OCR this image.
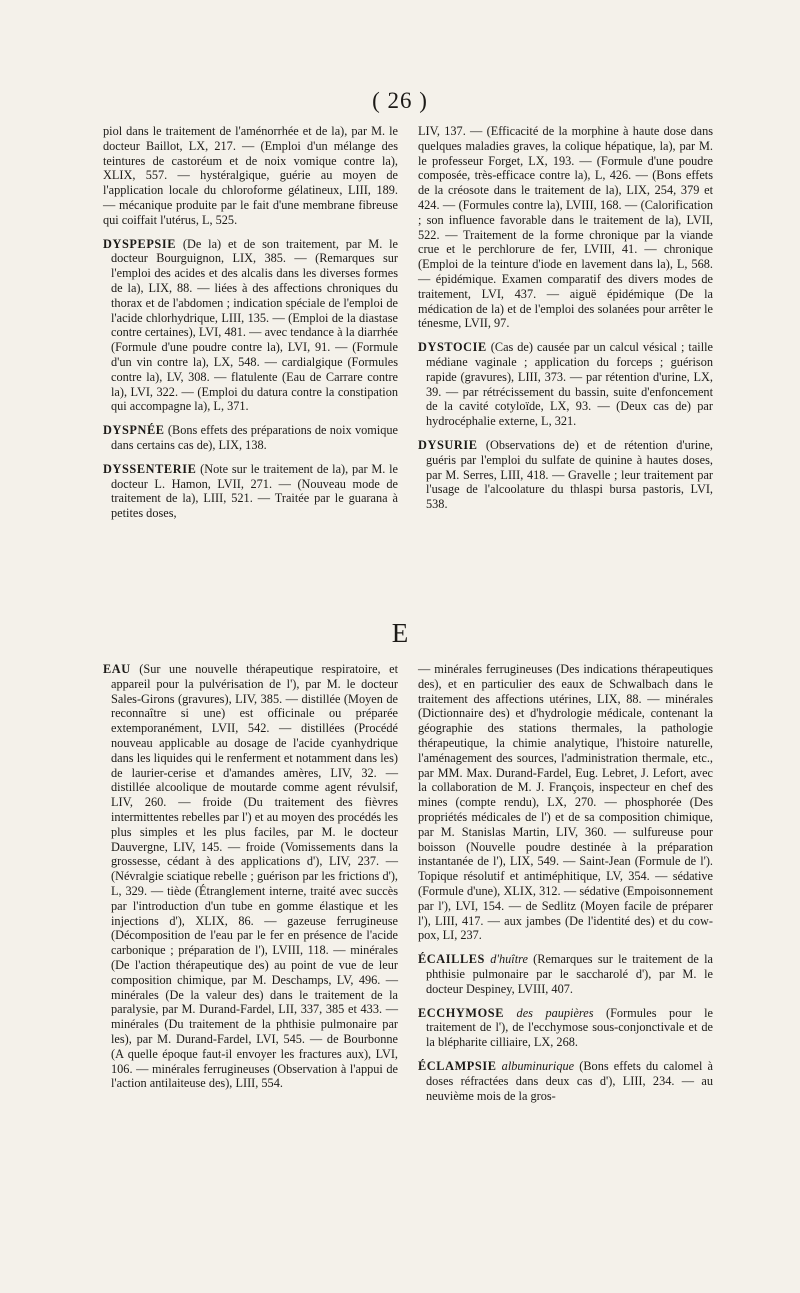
( 26 )

piol dans le traitement de l'aménorrhée et de la), par M. le docteur Baillot, LX, 217. — (Emploi d'un mélange des teintures de castoréum et de noix vomique contre la), XLIX, 557. — hystéralgique, guérie au moyen de l'application locale du chloroforme gélatineux, LIII, 189. — mécanique produite par le fait d'une membrane fibreuse qui coiffait l'utérus, L, 525.

DYSPEPSIE (De la) et de son traitement, par M. le docteur Bourguignon, LIX, 385. — (Remarques sur l'emploi des acides et des alcalis dans les diverses formes de la), LIX, 88. — liées à des affections chroniques du thorax et de l'abdomen ; indication spéciale de l'emploi de l'acide chlorhydrique, LIII, 135. — (Emploi de la diastase contre certaines), LVI, 481. — avec tendance à la diarrhée (Formule d'une poudre contre la), LVI, 91. — (Formule d'un vin contre la), LX, 548. — cardialgique (Formules contre la), LV, 308. — flatulente (Eau de Carrare contre la), LVI, 322. — (Emploi du datura contre la constipation qui accompagne la), L, 371.

DYSPNÉE (Bons effets des préparations de noix vomique dans certains cas de), LIX, 138.

DYSSENTERIE (Note sur le traitement de la), par M. le docteur L. Hamon, LVII, 271. — (Nouveau mode de traitement de la), LIII, 521. — Traitée par le guarana à petites doses,

LIV, 137. — (Efficacité de la morphine à haute dose dans quelques maladies graves, la colique hépatique, la), par M. le professeur Forget, LX, 193. — (Formule d'une poudre composée, très-efficace contre la), L, 426. — (Bons effets de la créosote dans le traitement de la), LIX, 254, 379 et 424. — (Formules contre la), LVIII, 168. — (Calorification ; son influence favorable dans le traitement de la), LVII, 522. — Traitement de la forme chronique par la viande crue et le perchlorure de fer, LVIII, 41. — chronique (Emploi de la teinture d'iode en lavement dans la), L, 568. — épidémique. Examen comparatif des divers modes de traitement, LVI, 437. — aiguë épidémique (De la médication de la) et de l'emploi des solanées pour arrêter le ténesme, LVII, 97.

DYSTOCIE (Cas de) causée par un calcul vésical ; taille médiane vaginale ; application du forceps ; guérison rapide (gravures), LIII, 373. — par rétention d'urine, LX, 39. — par rétrécissement du bassin, suite d'enfoncement de la cavité cotyloïde, LX, 93. — (Deux cas de) par hydrocéphalie externe, L, 321.

DYSURIE (Observations de) et de rétention d'urine, guéris par l'emploi du sulfate de quinine à hautes doses, par M. Serres, LIII, 418. — Gravelle ; leur traitement par l'usage de l'alcoolature du thlaspi bursa pastoris, LVI, 538.

E

EAU (Sur une nouvelle thérapeutique respiratoire, et appareil pour la pulvérisation de l'), par M. le docteur Sales-Girons (gravures), LIV, 385. — distillée (Moyen de reconnaître si une) est officinale ou préparée extemporanément, LVII, 542. — distillées (Procédé nouveau applicable au dosage de l'acide cyanhydrique dans les liquides qui le renferment et notamment dans les) de laurier-cerise et d'amandes amères, LIV, 32. — distillée alcoolique de moutarde comme agent révulsif, LIV, 260. — froide (Du traitement des fièvres intermittentes rebelles par l') et au moyen des procédés les plus simples et les plus faciles, par M. le docteur Dauvergne, LIV, 145. — froide (Vomissements dans la grossesse, cédant à des applications d'), LIV, 237. — (Névralgie sciatique rebelle ; guérison par les frictions d'), L, 329. — tiède (Étranglement interne, traité avec succès par l'introduction d'un tube en gomme élastique et les injections d'), XLIX, 86. — gazeuse ferrugineuse (Décomposition de l'eau par le fer en présence de l'acide carbonique ; préparation de l'), LVIII, 118. — minérales (De l'action thérapeutique des) au point de vue de leur composition chimique, par M. Deschamps, LV, 496. — minérales (De la valeur des) dans le traitement de la paralysie, par M. Durand-Fardel, LII, 337, 385 et 433. — minérales (Du traitement de la phthisie pulmonaire par les), par M. Durand-Fardel, LVI, 545. — de Bourbonne (A quelle époque faut-il envoyer les fractures aux), LVI, 106. — minérales ferrugineuses (Observation à l'appui de l'action antilaiteuse des), LIII, 554.

— minérales ferrugineuses (Des indications thérapeutiques des), et en particulier des eaux de Schwalbach dans le traitement des affections utérines, LIX, 88. — minérales (Dictionnaire des) et d'hydrologie médicale, contenant la géographie des stations thermales, la pathologie thérapeutique, la chimie analytique, l'histoire naturelle, l'aménagement des sources, l'administration thermale, etc., par MM. Max. Durand-Fardel, Eug. Lebret, J. Lefort, avec la collaboration de M. J. François, inspecteur en chef des mines (compte rendu), LX, 270. — phosphorée (Des propriétés médicales de l') et de sa composition chimique, par M. Stanislas Martin, LIV, 360. — sulfureuse pour boisson (Nouvelle poudre destinée à la préparation instantanée de l'), LIX, 549. — Saint-Jean (Formule de l'). Topique résolutif et antiméphitique, LV, 354. — sédative (Formule d'une), XLIX, 312. — sédative (Empoisonnement par l'), LVI, 154. — de Sedlitz (Moyen facile de préparer l'), LIII, 417. — aux jambes (De l'identité des) et du cow-pox, LI, 237.

ÉCAILLES d'huître (Remarques sur le traitement de la phthisie pulmonaire par le saccharolé d'), par M. le docteur Despiney, LVIII, 407.

ECCHYMOSE des paupières (Formules pour le traitement de l'), de l'ecchymose sous-conjonctivale et de la blépharite cilliaire, LX, 268.

ÉCLAMPSIE albuminurique (Bons effets du calomel à doses réfractées dans deux cas d'), LIII, 234. — au neuvième mois de la gros-
